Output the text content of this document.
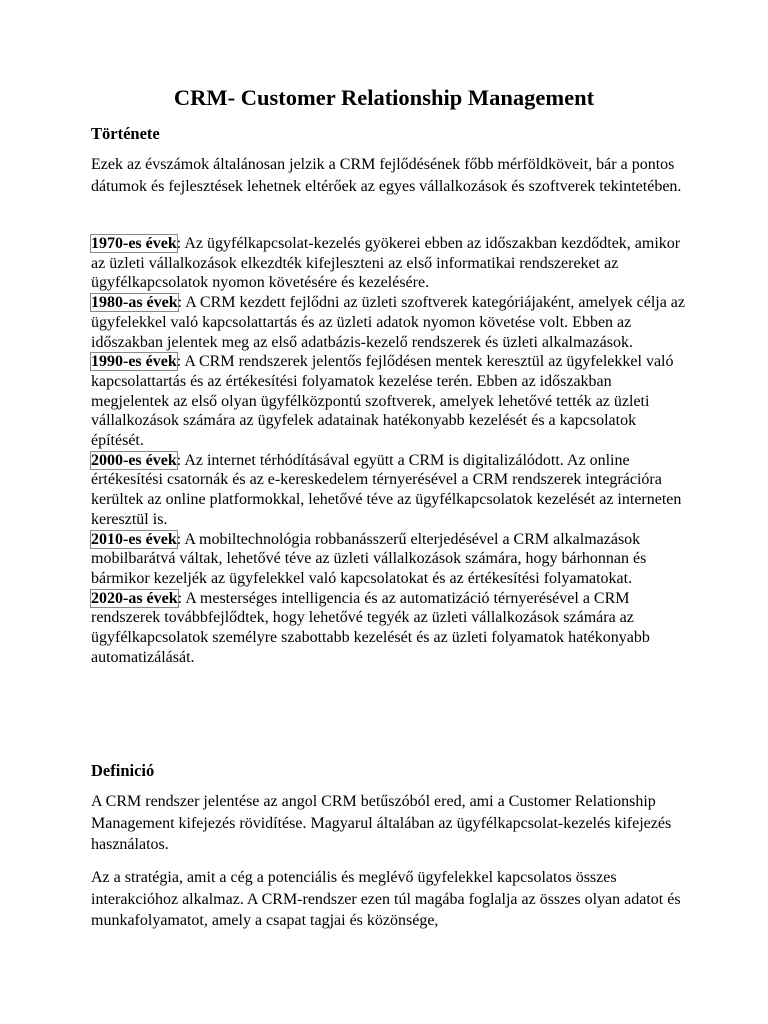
CRM- Customer Relationship Management
Története

Ezek az évszámok általánosan jelzik a CRM fejlődésének főbb mérföldköveit, bár a pontos dátumok és fejlesztések lehetnek eltérőek az egyes vállalkozások és szoftverek tekintetében.

1970-es évek: Az ügyfélkapcsolat-kezelés gyökerei ebben az időszakban kezdődtek, amikor az üzleti vállalkozások elkezdték kifejleszteni az első informatikai rendszereket az ügyfélkapcsolatok nyomon követésére és kezelésére.

1980-as évek: A CRM kezdett fejlődni az üzleti szoftverek kategóriájaként, amelyek célja az ügyfelekkel való kapcsolattartás és az üzleti adatok nyomon követése volt. Ebben az időszakban jelentek meg az első adatbázis-kezelő rendszerek és üzleti alkalmazások.

1990-es évek: A CRM rendszerek jelentős fejlődésen mentek keresztül az ügyfelekkel való kapcsolattartás és az értékesítési folyamatok kezelése terén. Ebben az időszakban megjelentek az első olyan ügyfélközpontú szoftverek, amelyek lehetővé tették az üzleti vállalkozások számára az ügyfelek adatainak hatékonyabb kezelését és a kapcsolatok építését.

2000-es évek: Az internet térhódításával együtt a CRM is digitalizálódott. Az online értékesítési csatornák és az e-kereskedelem térnyerésével a CRM rendszerek integrációra kerültek az online platformokkal, lehetővé téve az ügyfélkapcsolatok kezelését az interneten keresztül is.

2010-es évek: A mobiltechnológia robbanásszerű elterjedésével a CRM alkalmazások mobilbarátvá váltak, lehetővé téve az üzleti vállalkozások számára, hogy bárhonnan és bármikor kezeljék az ügyfelekkel való kapcsolatokat és az értékesítési folyamatokat.

2020-as évek: A mesterséges intelligencia és az automatizáció térnyerésével a CRM rendszerek továbbfejlődtek, hogy lehetővé tegyék az üzleti vállalkozások számára az ügyfélkapcsolatok személyre szabottabb kezelését és az üzleti folyamatok hatékonyabb automatizálását.

Definició

A CRM rendszer jelentése az angol CRM betűszóból ered, ami a Customer Relationship Management kifejezés rövidítése. Magyarul általában az ügyfélkapcsolat-kezelés kifejezés használatos.

Az a stratégia, amit a cég a potenciális és meglévő ügyfelekkel kapcsolatos összes interakcióhoz alkalmaz. A CRM-rendszer ezen túl magába foglalja az összes olyan adatot és munkafolyamatot, amely a csapat tagjai és közönsége,
